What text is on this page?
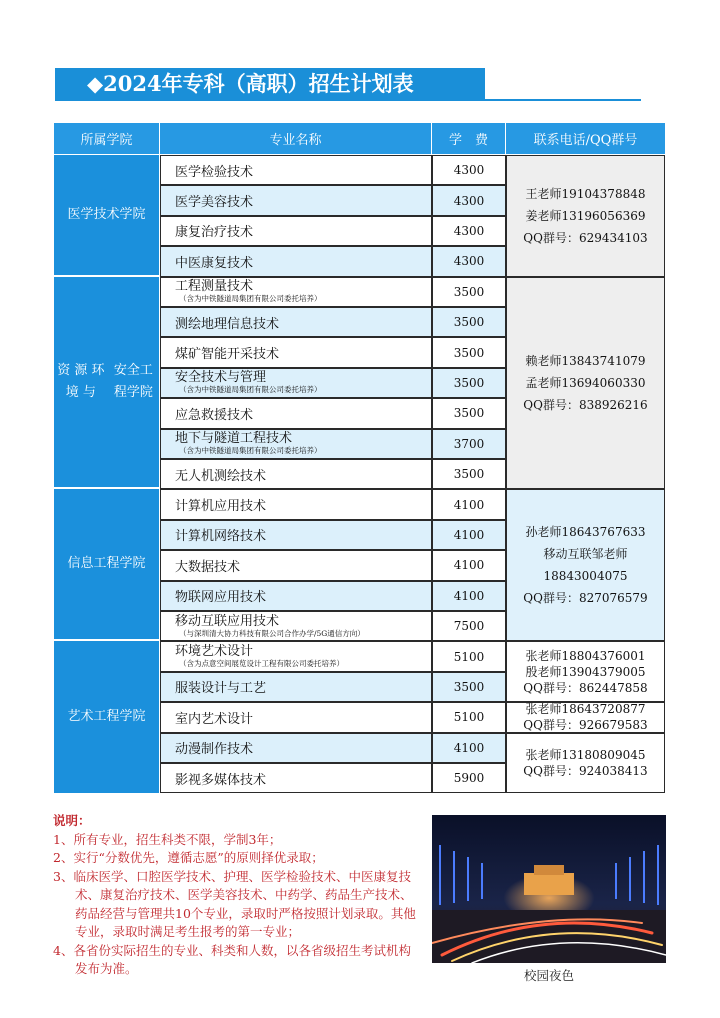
◆2024年专科（高职）招生计划表
所属学院	专业名称	学　费	联系电话/QQ群号
医学技术学院
医学检验技术	4300
医学美容技术	4300
康复治疗技术	4300
中医康复技术	4300
王老师19104378848
姜老师13196056369
QQ群号：629434103
资 源 环 境 与
安全工程学院
工程测量技术
（含为中铁隧道局集团有限公司委托培养）	3500
测绘地理信息技术	3500
煤矿智能开采技术	3500
安全技术与管理
（含为中铁隧道局集团有限公司委托培养）	3500
应急救援技术	3500
地下与隧道工程技术
（含为中铁隧道局集团有限公司委托培养）	3700
无人机测绘技术	3500
赖老师13843741079
孟老师13694060330
QQ群号：838926216
信息工程学院
计算机应用技术	4100
计算机网络技术	4100
大数据技术	4100
物联网应用技术	4100
移动互联应用技术
（与深圳清大协力科技有限公司合作办学/5G通信方向）	7500
孙老师18643767633
移动互联邹老师18843004075
QQ群号：827076579
艺术工程学院
环境艺术设计
（含为点意空间展览设计工程有限公司委托培养）	5100
服装设计与工艺	3500
室内艺术设计	5100
动漫制作技术	4100
影视多媒体技术	5900
张老师18804376001
殷老师13904379005
QQ群号：862447858
张老师18643720877
QQ群号：926679583
张老师13180809045
QQ群号：924038413
说明：
1、所有专业，招生科类不限，学制3年；
2、实行“分数优先，遵循志愿”的原则择优录取；
3、临床医学、口腔医学技术、护理、医学检验技术、中医康复技术、康复治疗技术、医学美容技术、中药学、药品生产技术、药品经营与管理共10个专业，录取时严格按照计划录取。其他专业，录取时满足考生报考的第一专业；
4、各省份实际招生的专业、科类和人数，以各省级招生考试机构发布为准。	校园夜色
